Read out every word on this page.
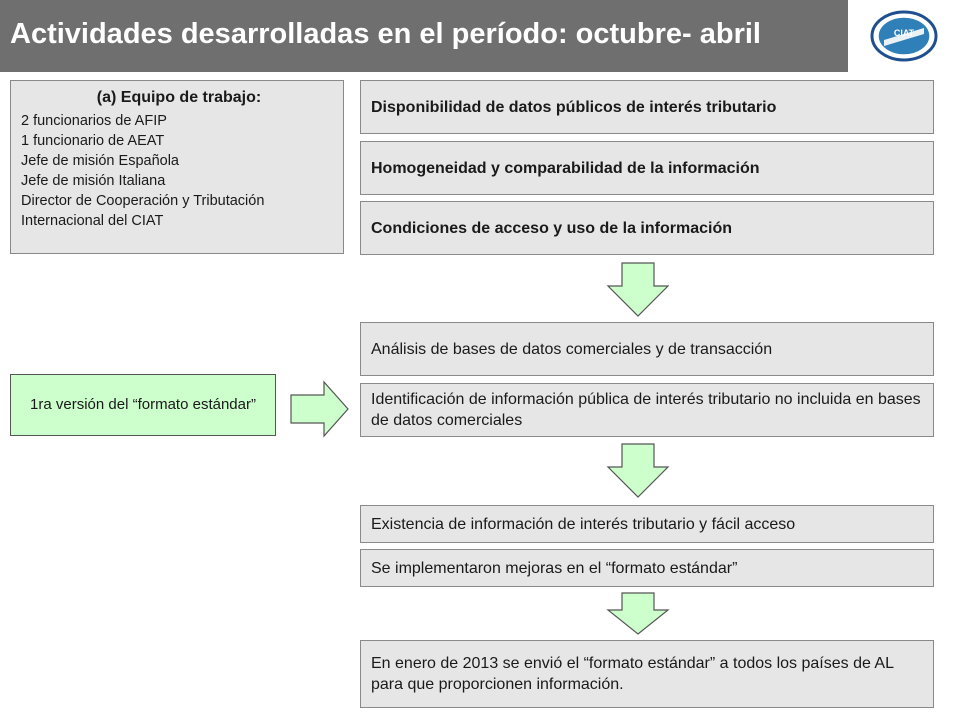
Actividades desarrolladas en el período: octubre- abril	CIAT
(a) Equipo de trabajo:
2 funcionarios de AFIP
1 funcionario de AEAT
Jefe de misión Española
Jefe de misión Italiana
Director de Cooperación y Tributación
Internacional del CIAT
Disponibilidad de datos públicos de interés tributario
Homogeneidad y comparabilidad de la información
Condiciones de acceso y uso de la información
Análisis de bases de datos comerciales y de transacción
Identificación de información pública de interés tributario no incluida en bases de datos comerciales
1ra versión del “formato estándar”
Existencia de información de interés tributario y fácil acceso
Se implementaron mejoras en el “formato estándar”
En enero de 2013 se envió el “formato estándar” a todos los países de AL para que proporcionen información.
